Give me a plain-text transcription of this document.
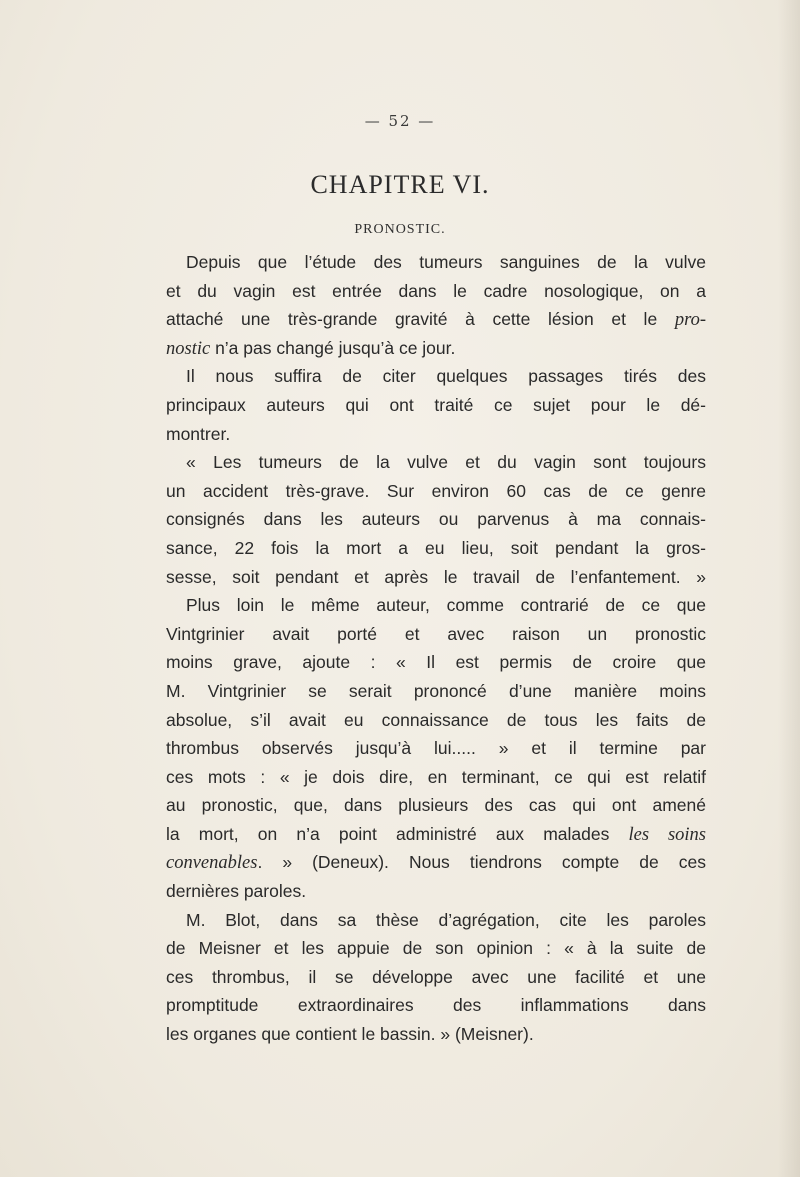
— 52 —
CHAPITRE VI.
PRONOSTIC.
Depuis que l’étude des tumeurs sanguines de la vulve
et du vagin est entrée dans le cadre nosologique, on a
attaché une très-grande gravité à cette lésion et le pro-
nostic n’a pas changé jusqu’à ce jour.
Il nous suffira de citer quelques passages tirés des
principaux auteurs qui ont traité ce sujet pour le dé-
montrer.
« Les tumeurs de la vulve et du vagin sont toujours
un accident très-grave. Sur environ 60 cas de ce genre
consignés dans les auteurs ou parvenus à ma connais-
sance, 22 fois la mort a eu lieu, soit pendant la gros-
sesse, soit pendant et après le travail de l’enfantement. »
Plus loin le même auteur, comme contrarié de ce que
Vintgrinier avait porté et avec raison un pronostic
moins grave, ajoute : « Il est permis de croire que
M. Vintgrinier se serait prononcé d’une manière moins
absolue, s’il avait eu connaissance de tous les faits de
thrombus observés jusqu’à lui..... » et il termine par
ces mots : « je dois dire, en terminant, ce qui est relatif
au pronostic, que, dans plusieurs des cas qui ont amené
la mort, on n’a point administré aux malades les soins
convenables. » (Deneux). Nous tiendrons compte de ces
dernières paroles.
M. Blot, dans sa thèse d’agrégation, cite les paroles
de Meisner et les appuie de son opinion : « à la suite de
ces thrombus, il se développe avec une facilité et une
promptitude extraordinaires des inflammations dans
les organes que contient le bassin. » (Meisner).
